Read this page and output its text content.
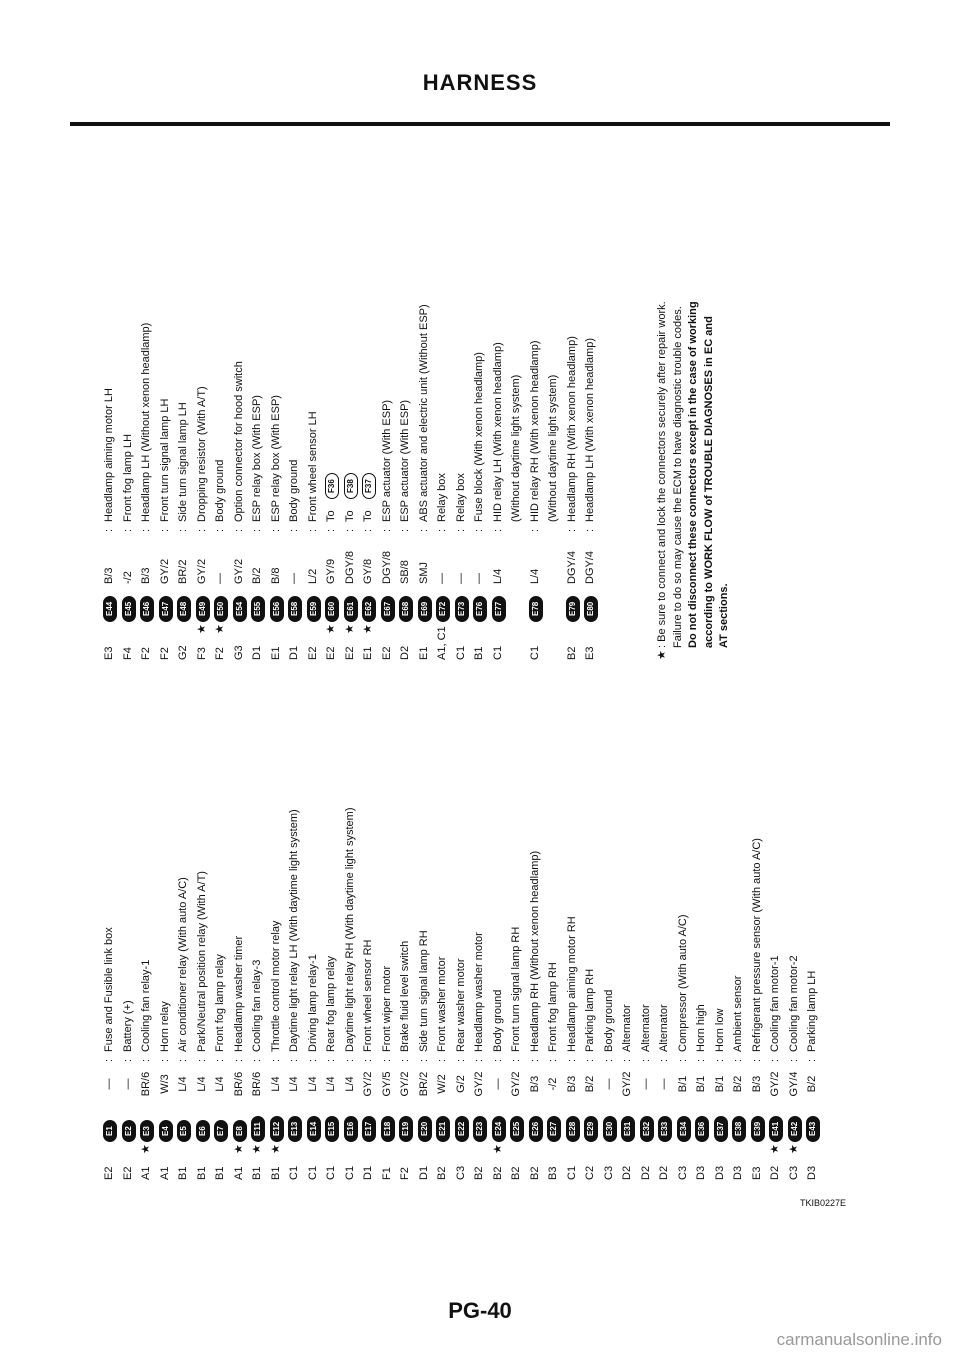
HARNESS
E2
E1
—
:
Fuse and Fusible link box
E2
E2
—
:
Battery (+)
A1
★
E3
BR/6
:
Cooling fan relay-1
A1
E4
W/3
:
Horn relay
B1
E5
L/4
:
Air conditioner relay (With auto A/C)
B1
E6
L/4
:
Park/Neutral position relay (With A/T)
B1
E7
L/4
:
Front fog lamp relay
A1
★
E8
BR/6
:
Headlamp washer timer
B1
★
E11
BR/6
:
Cooling fan relay-3
B1
★
E12
L/4
:
Throttle control motor relay
C1
E13
L/4
:
Daytime light relay LH (With daytime light system)
C1
E14
L/4
:
Driving lamp relay-1
C1
E15
L/4
:
Rear fog lamp relay
C1
E16
L/4
:
Daytime light relay RH (With daytime light system)
D1
E17
GY/2
:
Front wheel sensor RH
F1
E18
GY/5
:
Front wiper motor
F2
E19
GY/2
:
Brake fluid level switch
D1
E20
BR/2
:
Side turn signal lamp RH
B2
E21
W/2
:
Front washer motor
C3
E22
G/2
:
Rear washer motor
B2
E23
GY/2
:
Headlamp washer motor
B2
★
E24
—
:
Body ground
B2
E25
GY/2
:
Front turn signal lamp RH
B2
E26
B/3
:
Headlamp RH (Without xenon headlamp)
B3
E27
-/2
:
Front fog lamp RH
C1
E28
B/3
:
Headlamp aiming motor RH
C2
E29
B/2
:
Parking lamp RH
C3
E30
—
:
Body ground
D2
E31
GY/2
:
Alternator
D2
E32
—
:
Alternator
D2
E33
—
:
Alternator
C3
E34
B/1
:
Compressor (With auto A/C)
D3
E36
B/1
:
Horn high
D3
E37
B/1
:
Horn low
D3
E38
B/2
:
Ambient sensor
E3
E39
B/3
:
Refrigerant pressure sensor (With auto A/C)
D2
★
E41
GY/2
:
Cooling fan motor-1
C3
★
E42
GY/4
:
Cooling fan motor-2
D3
E43
B/2
:
Parking lamp LH
E3
E44
B/3
:
Headlamp aiming motor LH
F4
E45
-/2
:
Front fog lamp LH
F2
E46
B/3
:
Headlamp LH (Without xenon headlamp)
F2
E47
GY/2
:
Front turn signal lamp LH
G2
E48
BR/2
:
Side turn signal lamp LH
F3
★
E49
GY/2
:
Dropping resistor (With A/T)
F2
★
E50
—
:
Body ground
G3
E54
GY/2
:
Option connector for hood switch
D1
E55
B/2
:
ESP relay box (With ESP)
E1
E56
B/8
:
ESP relay box (With ESP)
D1
E58
—
:
Body ground
E2
E59
L/2
:
Front wheel sensor LH
E2
★
E60
GY/9
:
To
F36
E2
★
E61
DGY/8
:
To
F38
E1
★
E62
GY/8
:
To
F37
E2
E67
DGY/8
:
ESP actuator (With ESP)
D2
E68
SB/8
:
ESP actuator (With ESP)
E1
E69
SMJ
:
ABS actuator and electric unit (Without ESP)
A1, C1
E72
—
:
Relay box
C1
E73
—
:
Relay box
B1
E76
—
:
Fuse block (With xenon headlamp)
C1
E77
L/4
:
HID relay LH (With xenon headlamp) (Without daytime light system)
C1
E78
L/4
:
HID relay RH (With xenon headlamp) (Without daytime light system)
B2
E79
DGY/4
:
Headlamp RH (With xenon headlamp)
E3
E80
DGY/4
:
Headlamp LH (With xenon headlamp)
★
: Be sure to connect and lock the connectors securely after repair work. Failure to do so may cause the ECM to have diagnostic trouble codes. Do not disconnect these connectors except in the case of working according to WORK FLOW of TROUBLE DIAGNOSES in EC and AT sections.
TKIB0227E
PG-40
carmanualsonline.info
